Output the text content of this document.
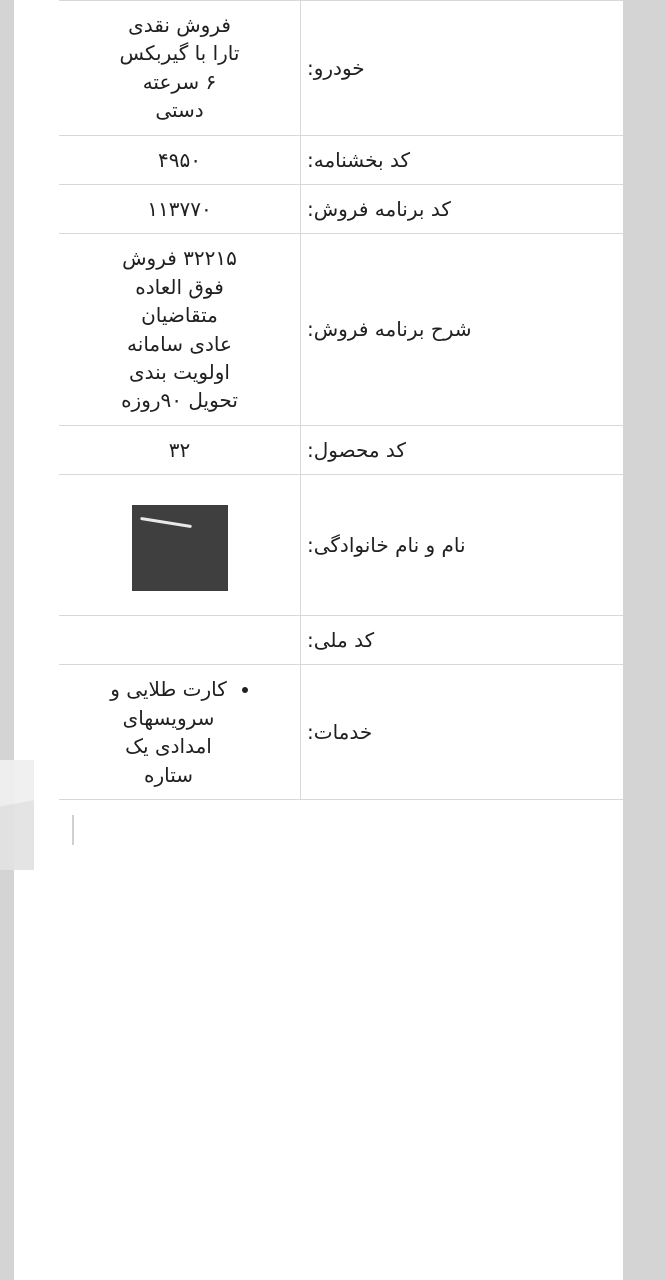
خودرو:	فروش نقدی تارا با گیربکس ۶ سرعته دستی

کد بخشنامه:	۴۹۵۰

کد برنامه فروش:	۱۱۳۷۷۰

شرح برنامه فروش:	۳۲۲۱۵ فروش فوق العاده متقاضیان عادی سامانه اولویت بندی تحویل ۹۰روزه

کد محصول:	۳۲

نام و نام خانوادگی:	

کد ملی:	

خدمات:	
• کارت طلایی و سرویسهای امدادی یک ستاره
